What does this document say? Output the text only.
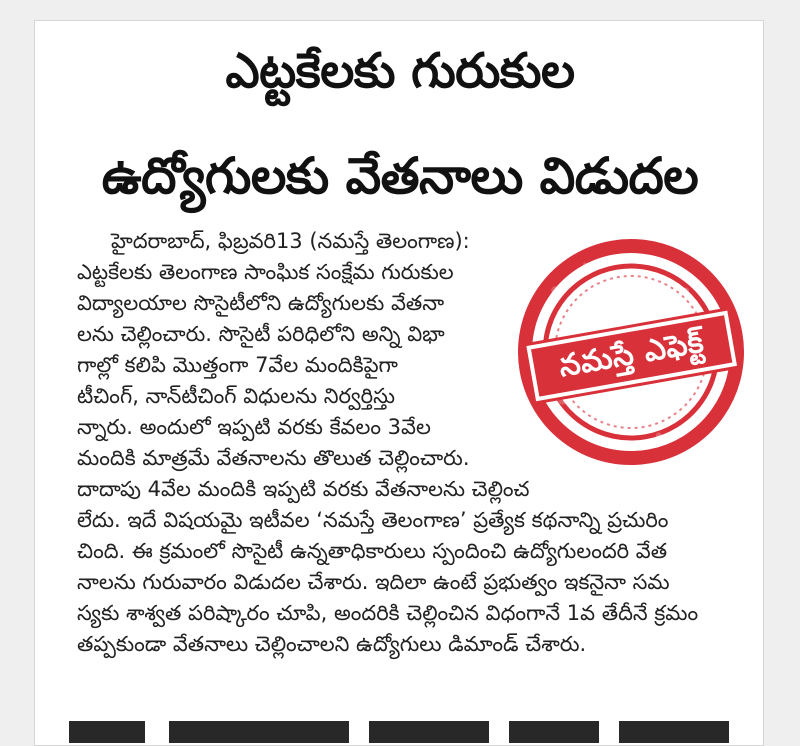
ఎట్టకేలకు గురుకుల
ఉద్యోగులకు వేతనాలు విడుదల
హైదరాబాద్, ఫిబ్రవరి13 (నమస్తే తెలంగాణ):
ఎట్టకేలకు తెలంగాణ సాంఘిక సంక్షేమ గురుకుల
విద్యాలయాల సొసైటీలోని ఉద్యోగులకు వేతనా
లను చెల్లించారు. సొసైటీ పరిధిలోని అన్ని విభా
గాల్లో కలిపి మొత్తంగా 7వేల మందికిపైగా
టీచింగ్, నాన్‌టీచింగ్ విధులను నిర్వర్తిస్తు
న్నారు. అందులో ఇప్పటి వరకు కేవలం 3వేల
మందికి మాత్రమే వేతనాలను తొలుత చెల్లించారు.
దాదాపు 4వేల మందికి ఇప్పటి వరకు వేతనాలను చెల్లించ
లేదు. ఇదే విషయమై ఇటీవల ‘నమస్తే తెలంగాణ’ ప్రత్యేక కథనాన్ని ప్రచురిం
చింది. ఈ క్రమంలో సొసైటీ ఉన్నతాధికారులు స్పందించి ఉద్యోగులందరి వేత
నాలను గురువారం విడుదల చేశారు. ఇదిలా ఉంటే ప్రభుత్వం ఇకనైనా సమ
స్యకు శాశ్వత పరిష్కారం చూపి, అందరికి చెల్లించిన విధంగానే 1వ తేదీనే క్రమం
తప్పకుండా వేతనాలు చెల్లించాలని ఉద్యోగులు డిమాండ్ చేశారు.
నమస్తే ఎఫెక్ట్
